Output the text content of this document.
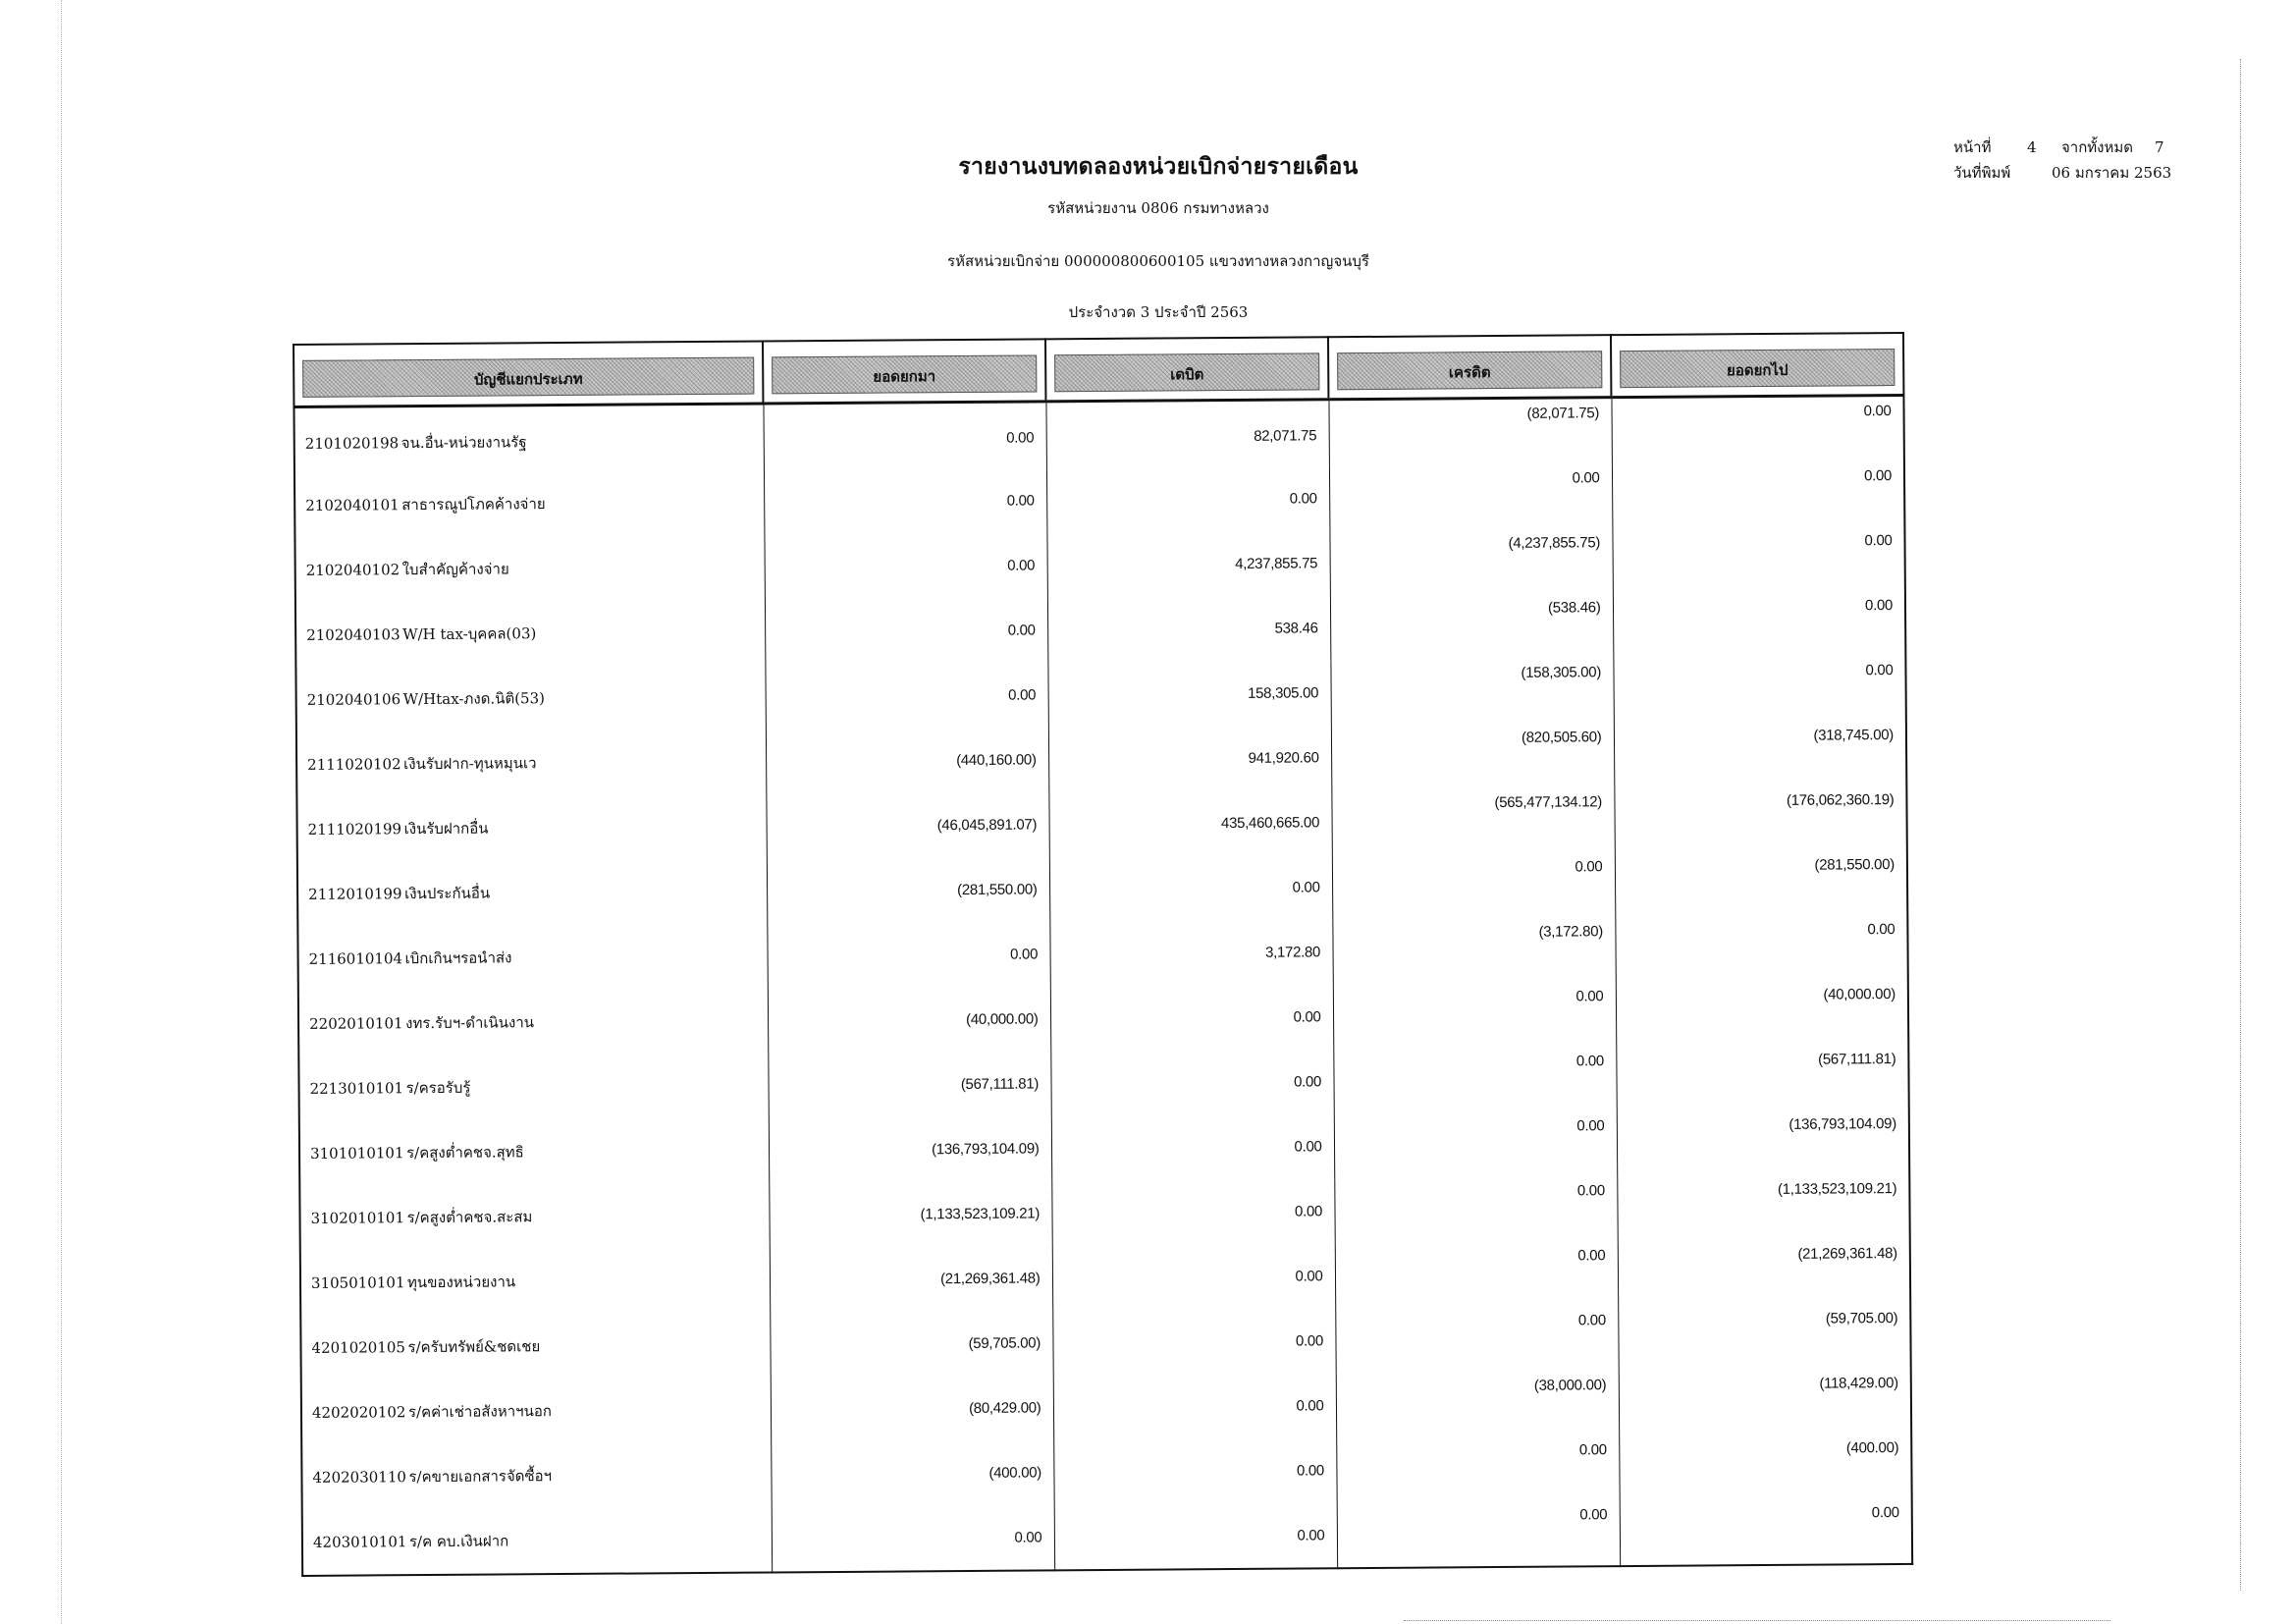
รายงานงบทดลองหน่วยเบิกจ่ายรายเดือน
รหัสหน่วยงาน 0806 กรมทางหลวง
รหัสหน่วยเบิกจ่าย 000000800600105 แขวงทางหลวงกาญจนบุรี
ประจำงวด 3 ประจำปี 2563
หน้าที่	4	จากทั้งหมด	7
วันที่พิมพ์	06 มกราคม 2563
บัญชีแยกประเภท	ยอดยกมา	เดบิต	เครดิต	ยอดยกไป

2101020198 จน.อื่น-หน่วยงานรัฐ	0.00	82,071.75	(82,071.75)	0.00
2102040101 สาธารณูปโภคค้างจ่าย	0.00	0.00	0.00	0.00
2102040102 ใบสำคัญค้างจ่าย	0.00	4,237,855.75	(4,237,855.75)	0.00
2102040103 W/H tax-บุคคล(03)	0.00	538.46	(538.46)	0.00
2102040106 W/Htax-ภงด.นิติ(53)	0.00	158,305.00	(158,305.00)	0.00
2111020102 เงินรับฝาก-ทุนหมุนเว	(440,160.00)	941,920.60	(820,505.60)	(318,745.00)
2111020199 เงินรับฝากอื่น	(46,045,891.07)	435,460,665.00	(565,477,134.12)	(176,062,360.19)
2112010199 เงินประกันอื่น	(281,550.00)	0.00	0.00	(281,550.00)
2116010104 เบิกเกินฯรอนำส่ง	0.00	3,172.80	(3,172.80)	0.00
2202010101 งทร.รับฯ-ดำเนินงาน	(40,000.00)	0.00	0.00	(40,000.00)
2213010101 ร/ครอรับรู้	(567,111.81)	0.00	0.00	(567,111.81)
3101010101 ร/คสูงต่ำคชจ.สุทธิ	(136,793,104.09)	0.00	0.00	(136,793,104.09)
3102010101 ร/คสูงต่ำคชจ.สะสม	(1,133,523,109.21)	0.00	0.00	(1,133,523,109.21)
3105010101 ทุนของหน่วยงาน	(21,269,361.48)	0.00	0.00	(21,269,361.48)
4201020105 ร/ครับทรัพย์&ชดเชย	(59,705.00)	0.00	0.00	(59,705.00)
4202020102 ร/คค่าเช่าอสังหาฯนอก	(80,429.00)	0.00	(38,000.00)	(118,429.00)
4202030110 ร/คขายเอกสารจัดซื้อฯ	(400.00)	0.00	0.00	(400.00)
4203010101 ร/ค คบ.เงินฝาก	0.00	0.00	0.00	0.00
